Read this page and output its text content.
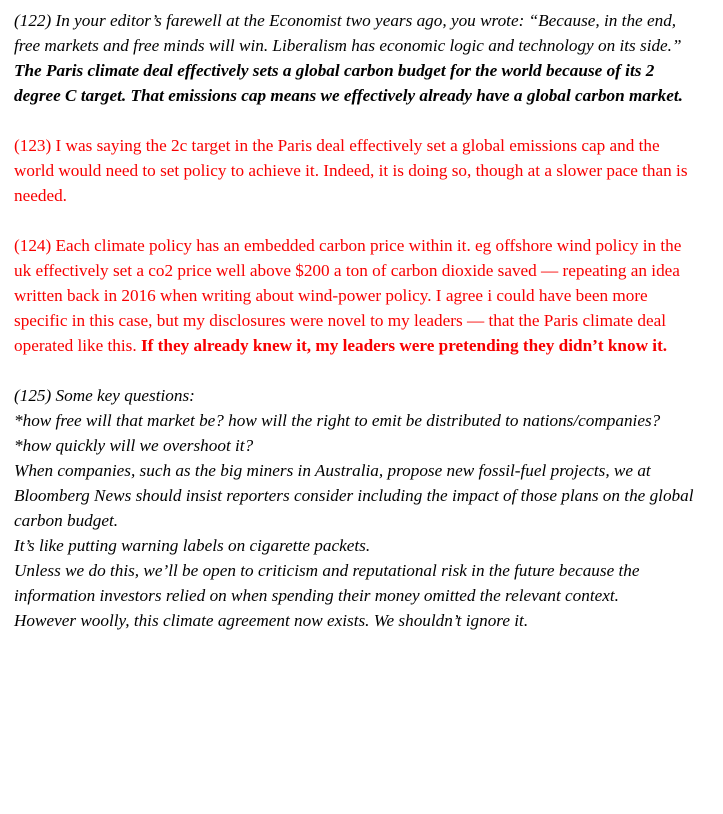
(122) In your editor’s farewell at the Economist two years ago, you wrote: “Because, in the end, free markets and free minds will win. Liberalism has economic logic and technology on its side.”
The Paris climate deal effectively sets a global carbon budget for the world because of its 2 degree C target. That emissions cap means we effectively already have a global carbon market.
(123) I was saying the 2c target in the Paris deal effectively set a global emissions cap and the world would need to set policy to achieve it. Indeed, it is doing so, though at a slower pace than is needed.
(124) Each climate policy has an embedded carbon price within it. eg offshore wind policy in the uk effectively set a co2 price well above $200 a ton of carbon dioxide saved — repeating an idea written back in 2016 when writing about wind-power policy. I agree i could have been more specific in this case, but my disclosures were novel to my leaders — that the Paris climate deal operated like this. If they already knew it, my leaders were pretending they didn’t know it.
(125) Some key questions:
*how free will that market be? how will the right to emit be distributed to nations/companies?
*how quickly will we overshoot it?
When companies, such as the big miners in Australia, propose new fossil-fuel projects, we at
Bloomberg News should insist reporters consider including the impact of those plans on the global carbon budget.
It’s like putting warning labels on cigarette packets.
Unless we do this, we’ll be open to criticism and reputational risk in the future because the information investors relied on when spending their money omitted the relevant context.
However woolly, this climate agreement now exists. We shouldn’t ignore it.
